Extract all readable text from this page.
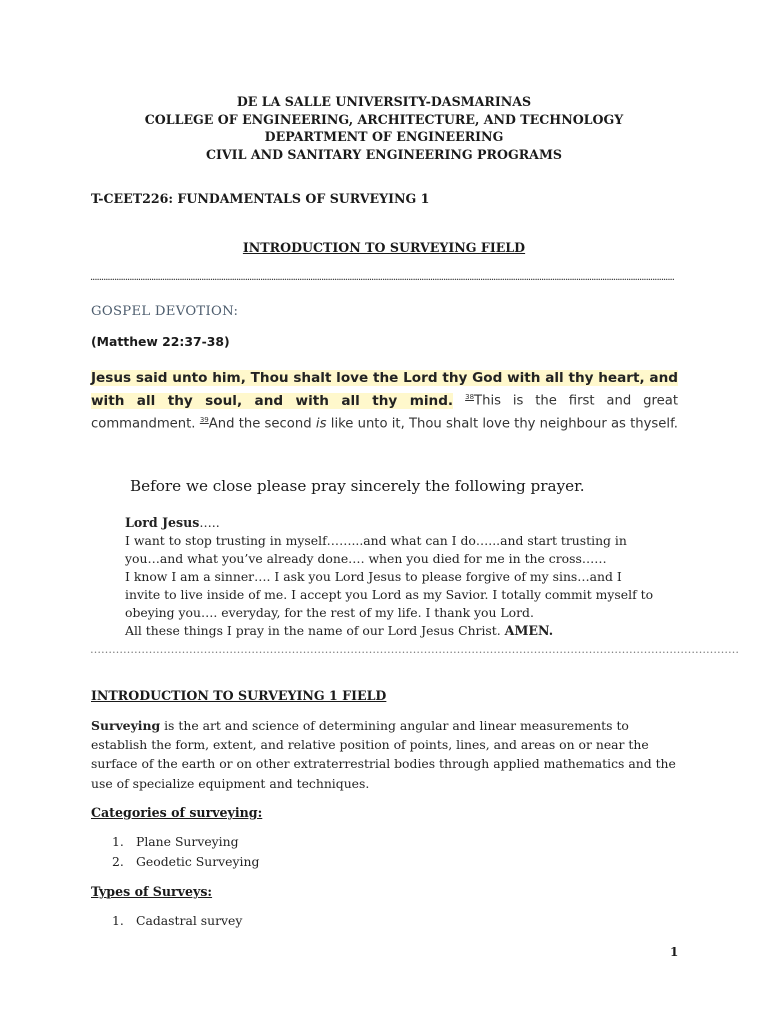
DE LA SALLE UNIVERSITY-DASMARINAS
COLLEGE OF ENGINEERING, ARCHITECTURE, AND TECHNOLOGY
DEPARTMENT OF ENGINEERING
CIVIL AND SANITARY ENGINEERING PROGRAMS
T-CEET226: FUNDAMENTALS OF SURVEYING 1
INTRODUCTION TO SURVEYING FIELD
............................................................................................................................................................................................................................................................................
GOSPEL DEVOTION:
(Matthew 22:37-38)
Jesus said unto him, Thou shalt love the Lord thy God with all thy heart, and with all thy soul, and with all thy mind. $^{38}$This is the first and great commandment. $^{39}$And the second is like unto it, Thou shalt love thy neighbour as thyself.
Before we close please pray sincerely the following prayer.
Lord Jesus…..
I want to stop trusting in myself……...and what can I do…...and start trusting in
you…and what you’ve already done…. when you died for me in the cross……
I know I am a sinner…. I ask you Lord Jesus to please forgive of my sins…and I
invite to live inside of me. I accept you Lord as my Savior. I totally commit myself to
obeying you…. everyday, for the rest of my life. I thank you Lord.
All these things I pray in the name of our Lord Jesus Christ. AMEN.
……………………………………………………………………………………………………………………………………………………………
INTRODUCTION TO SURVEYING 1 FIELD
Surveying is the art and science of determining angular and linear measurements to establish the form, extent, and relative position of points, lines, and areas on or near the surface of the earth or on other extraterrestrial bodies through applied mathematics and the use of specialize equipment and techniques.
Categories of surveying:
1. Plane Surveying
2. Geodetic Surveying
Types of Surveys:
1. Cadastral survey
1
